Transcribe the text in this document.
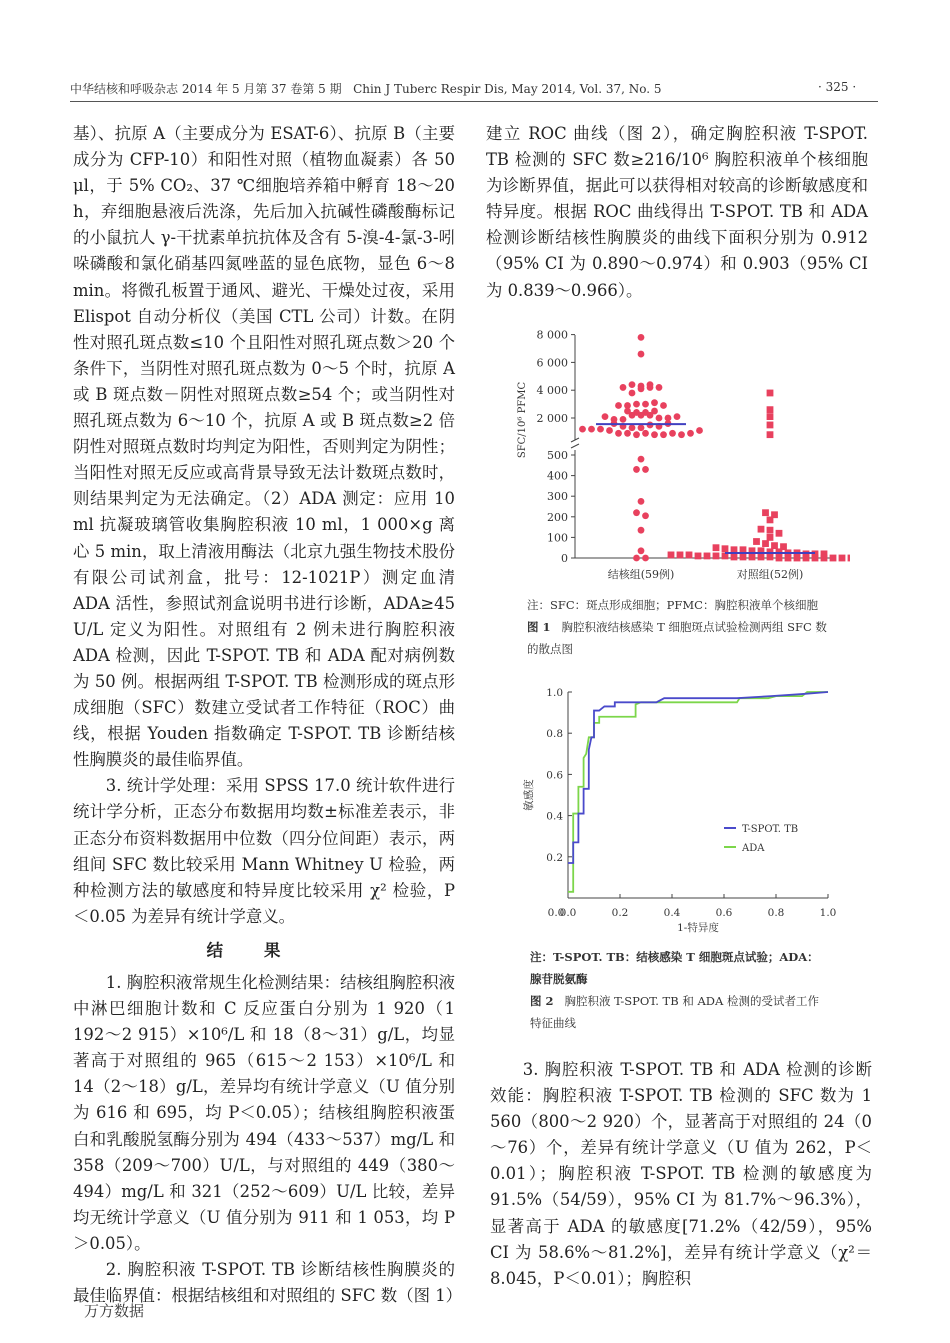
中华结核和呼吸杂志 2014 年 5 月第 37 卷第 5 期 Chin J Tuberc Respir Dis, May 2014, Vol. 37, No. 5	· 325 ·

基）、抗原 A（主要成分为 ESAT-6）、抗原 B（主要成分为 CFP-10）和阳性对照（植物血凝素）各 50 μl，于 5% CO₂、37 ℃细胞培养箱中孵育 18～20 h，弃细胞悬液后洗涤，先后加入抗碱性磷酸酶标记的小鼠抗人 γ-干扰素单抗抗体及含有 5-溴-4-氯-3-吲哚磷酸和氯化硝基四氮唑蓝的显色底物，显色 6～8 min。将微孔板置于通风、避光、干燥处过夜，采用 Elispot 自动分析仪（美国 CTL 公司）计数。在阴性对照孔斑点数≤10 个且阳性对照孔斑点数＞20 个条件下，当阴性对照孔斑点数为 0～5 个时，抗原 A 或 B 斑点数－阴性对照斑点数≥54 个；或当阴性对照孔斑点数为 6～10 个，抗原 A 或 B 斑点数≥2 倍阴性对照斑点数时均判定为阳性，否则判定为阴性；当阳性对照无反应或高背景导致无法计数斑点数时，则结果判定为无法确定。（2）ADA 测定：应用 10 ml 抗凝玻璃管收集胸腔积液 10 ml，1 000×g 离心 5 min，取上清液用酶法（北京九强生物技术股份有限公司试剂盒，批号：12-1021P）测定血清 ADA 活性，参照试剂盒说明书进行诊断，ADA≥45 U/L 定义为阳性。对照组有 2 例未进行胸腔积液 ADA 检测，因此 T-SPOT. TB 和 ADA 配对病例数为 50 例。根据两组 T-SPOT. TB 检测形成的斑点形成细胞（SFC）数建立受试者工作特征（ROC）曲线，根据 Youden 指数确定 T-SPOT. TB 诊断结核性胸膜炎的最佳临界值。

3. 统计学处理：采用 SPSS 17.0 统计软件进行统计学分析，正态分布数据用均数±标准差表示，非正态分布资料数据用中位数（四分位间距）表示，两组间 SFC 数比较采用 Mann Whitney U 检验，两种检测方法的敏感度和特异度比较采用 χ² 检验，P＜0.05 为差异有统计学意义。

结果

1. 胸腔积液常规生化检测结果：结核组胸腔积液中淋巴细胞计数和 C 反应蛋白分别为 1 920（1 192～2 915）×10⁶/L 和 18（8～31）g/L，均显著高于对照组的 965（615～2 153）×10⁶/L 和 14（2～18）g/L，差异均有统计学意义（U 值分别为 616 和 695，均 P＜0.05）；结核组胸腔积液蛋白和乳酸脱氢酶分别为 494（433～537）mg/L 和 358（209～700）U/L，与对照组的 449（380～494）mg/L 和 321（252～609）U/L 比较，差异均无统计学意义（U 值分别为 911 和 1 053，均 P＞0.05）。

2. 胸腔积液 T-SPOT. TB 诊断结核性胸膜炎的最佳临界值：根据结核组和对照组的 SFC 数（图 1）

建立 ROC 曲线（图 2），确定胸腔积液 T-SPOT. TB 检测的 SFC 数≥216/10⁶ 胸腔积液单个核细胞为诊断界值，据此可以获得相对较高的诊断敏感度和特异度。根据 ROC 曲线得出 T-SPOT. TB 和 ADA 检测诊断结核性胸膜炎的曲线下面积分别为 0.912（95% CI 为 0.890～0.974）和 0.903（95% CI 为 0.839～0.966）。

2 000
4 000
6 000
8 000
0
100
200
300
400
500
SFC/10⁶ PFMC
结核组(59例)	对照组(52例)
注：SFC：斑点形成细胞；PFMC：胸腔积液单个核细胞
图 1 胸腔积液结核感染 T 细胞斑点试验检测两组 SFC 数的散点图
0.0	0.2	0.4	0.6	0.8	1.0
0.2
0.4
0.6
0.8
1.0
0.0
1-特异度
敏感度
T-SPOT. TB
ADA
注：T-SPOT. TB：结核感染 T 细胞斑点试验；ADA：腺苷脱氨酶
图 2 胸腔积液 T-SPOT. TB 和 ADA 检测的受试者工作特征曲线

3. 胸腔积液 T-SPOT. TB 和 ADA 检测的诊断效能：胸腔积液 T-SPOT. TB 检测的 SFC 数为 1 560（800～2 920）个，显著高于对照组的 24（0～76）个，差异有统计学意义（U 值为 262，P＜0.01）；胸腔积液 T-SPOT. TB 检测的敏感度为 91.5%（54/59），95% CI 为 81.7%～96.3%），显著高于 ADA 的敏感度[71.2%（42/59），95% CI 为 58.6%～81.2%]，差异有统计学意义（χ²＝8.045，P＜0.01）；胸腔积

万方数据
